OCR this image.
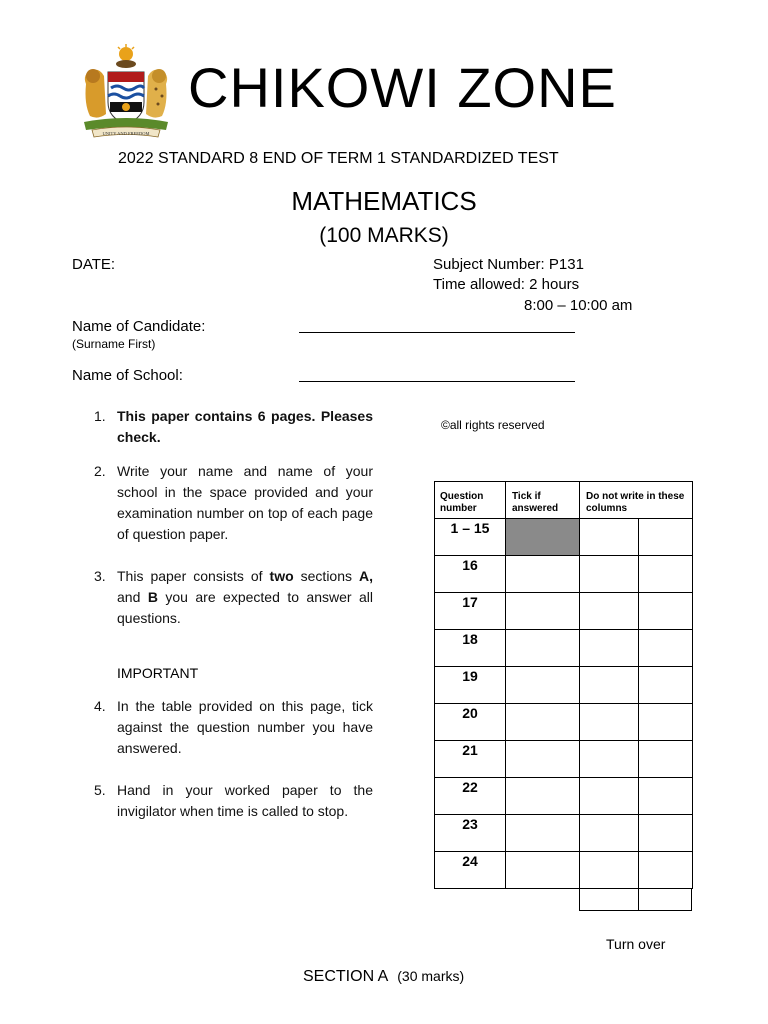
UNITY AND FREEDOM
CHIKOWI ZONE
2022 STANDARD 8 END OF TERM 1 STANDARDIZED TEST
MATHEMATICS
(100 MARKS)
DATE:	Subject Number: P131
Time allowed: 2 hours
8:00 – 10:00 am
Name of Candidate:
(Surname First)
Name of School:
1. This paper contains 6 pages. Pleases check.
2. Write your name and name of your school in the space provided and your examination number on top of each page of question paper.
3. This paper consists of two sections A, and B you are expected to answer all questions.
IMPORTANT
4. In the table provided on this page, tick against the question number you have answered.
5. Hand in your worked paper to the invigilator when time is called to stop.
©all rights reserved
Question number	Tick if answered	Do not write in these columns	
1 – 15			
16			
17			
18			
19			
20			
21			
22			
23			
24			

Turn over
SECTION A (30 marks)
